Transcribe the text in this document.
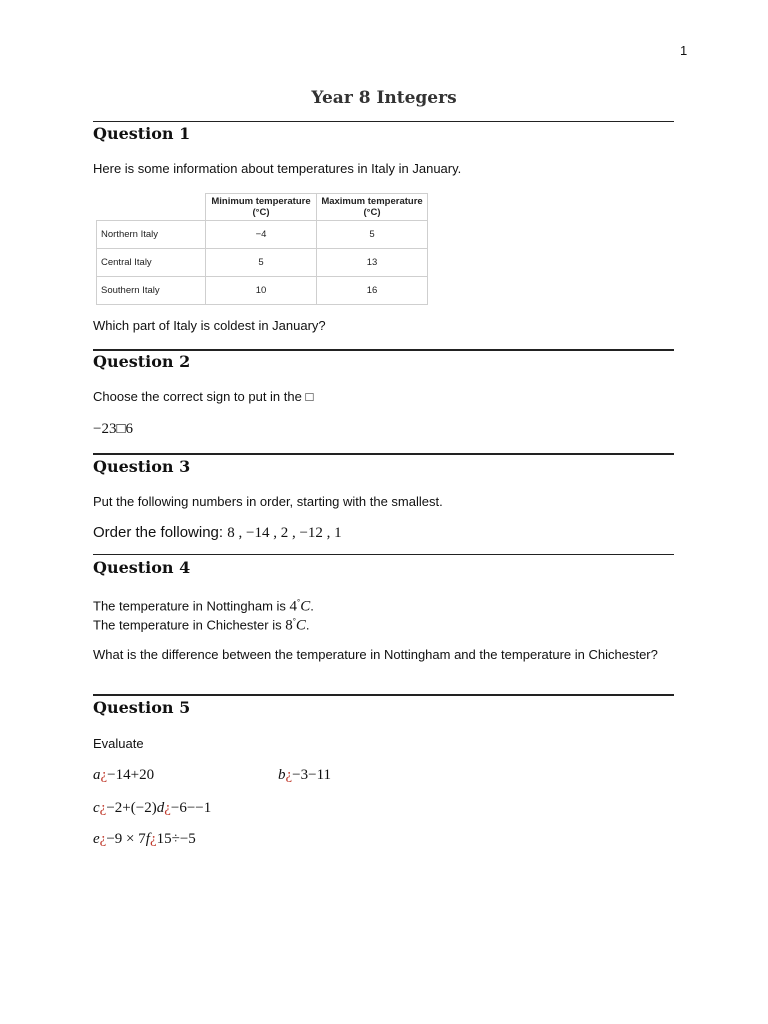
1
Year 8 Integers
Question 1
Here is some information about temperatures in Italy in January.
	Minimum temperature (°C)	Maximum temperature (°C)
Northern Italy	−4	5
Central Italy	5	13
Southern Italy	10	16
Which part of Italy is coldest in January?
Question 2
Choose the correct sign to put in the □
−23□6
Question 3
Put the following numbers in order, starting with the smallest.
Order the following: 8 , −14 , 2 , −12 , 1
Question 4
The temperature in Nottingham is 4°C.
The temperature in Chichester is 8°C.
What is the difference between the temperature in Nottingham and the temperature in Chichester?
Question 5
Evaluate
a¿−14+20	b¿−3−11
c¿−2+(−2)d¿−6−−1
e¿−9 × 7f¿15÷−5
